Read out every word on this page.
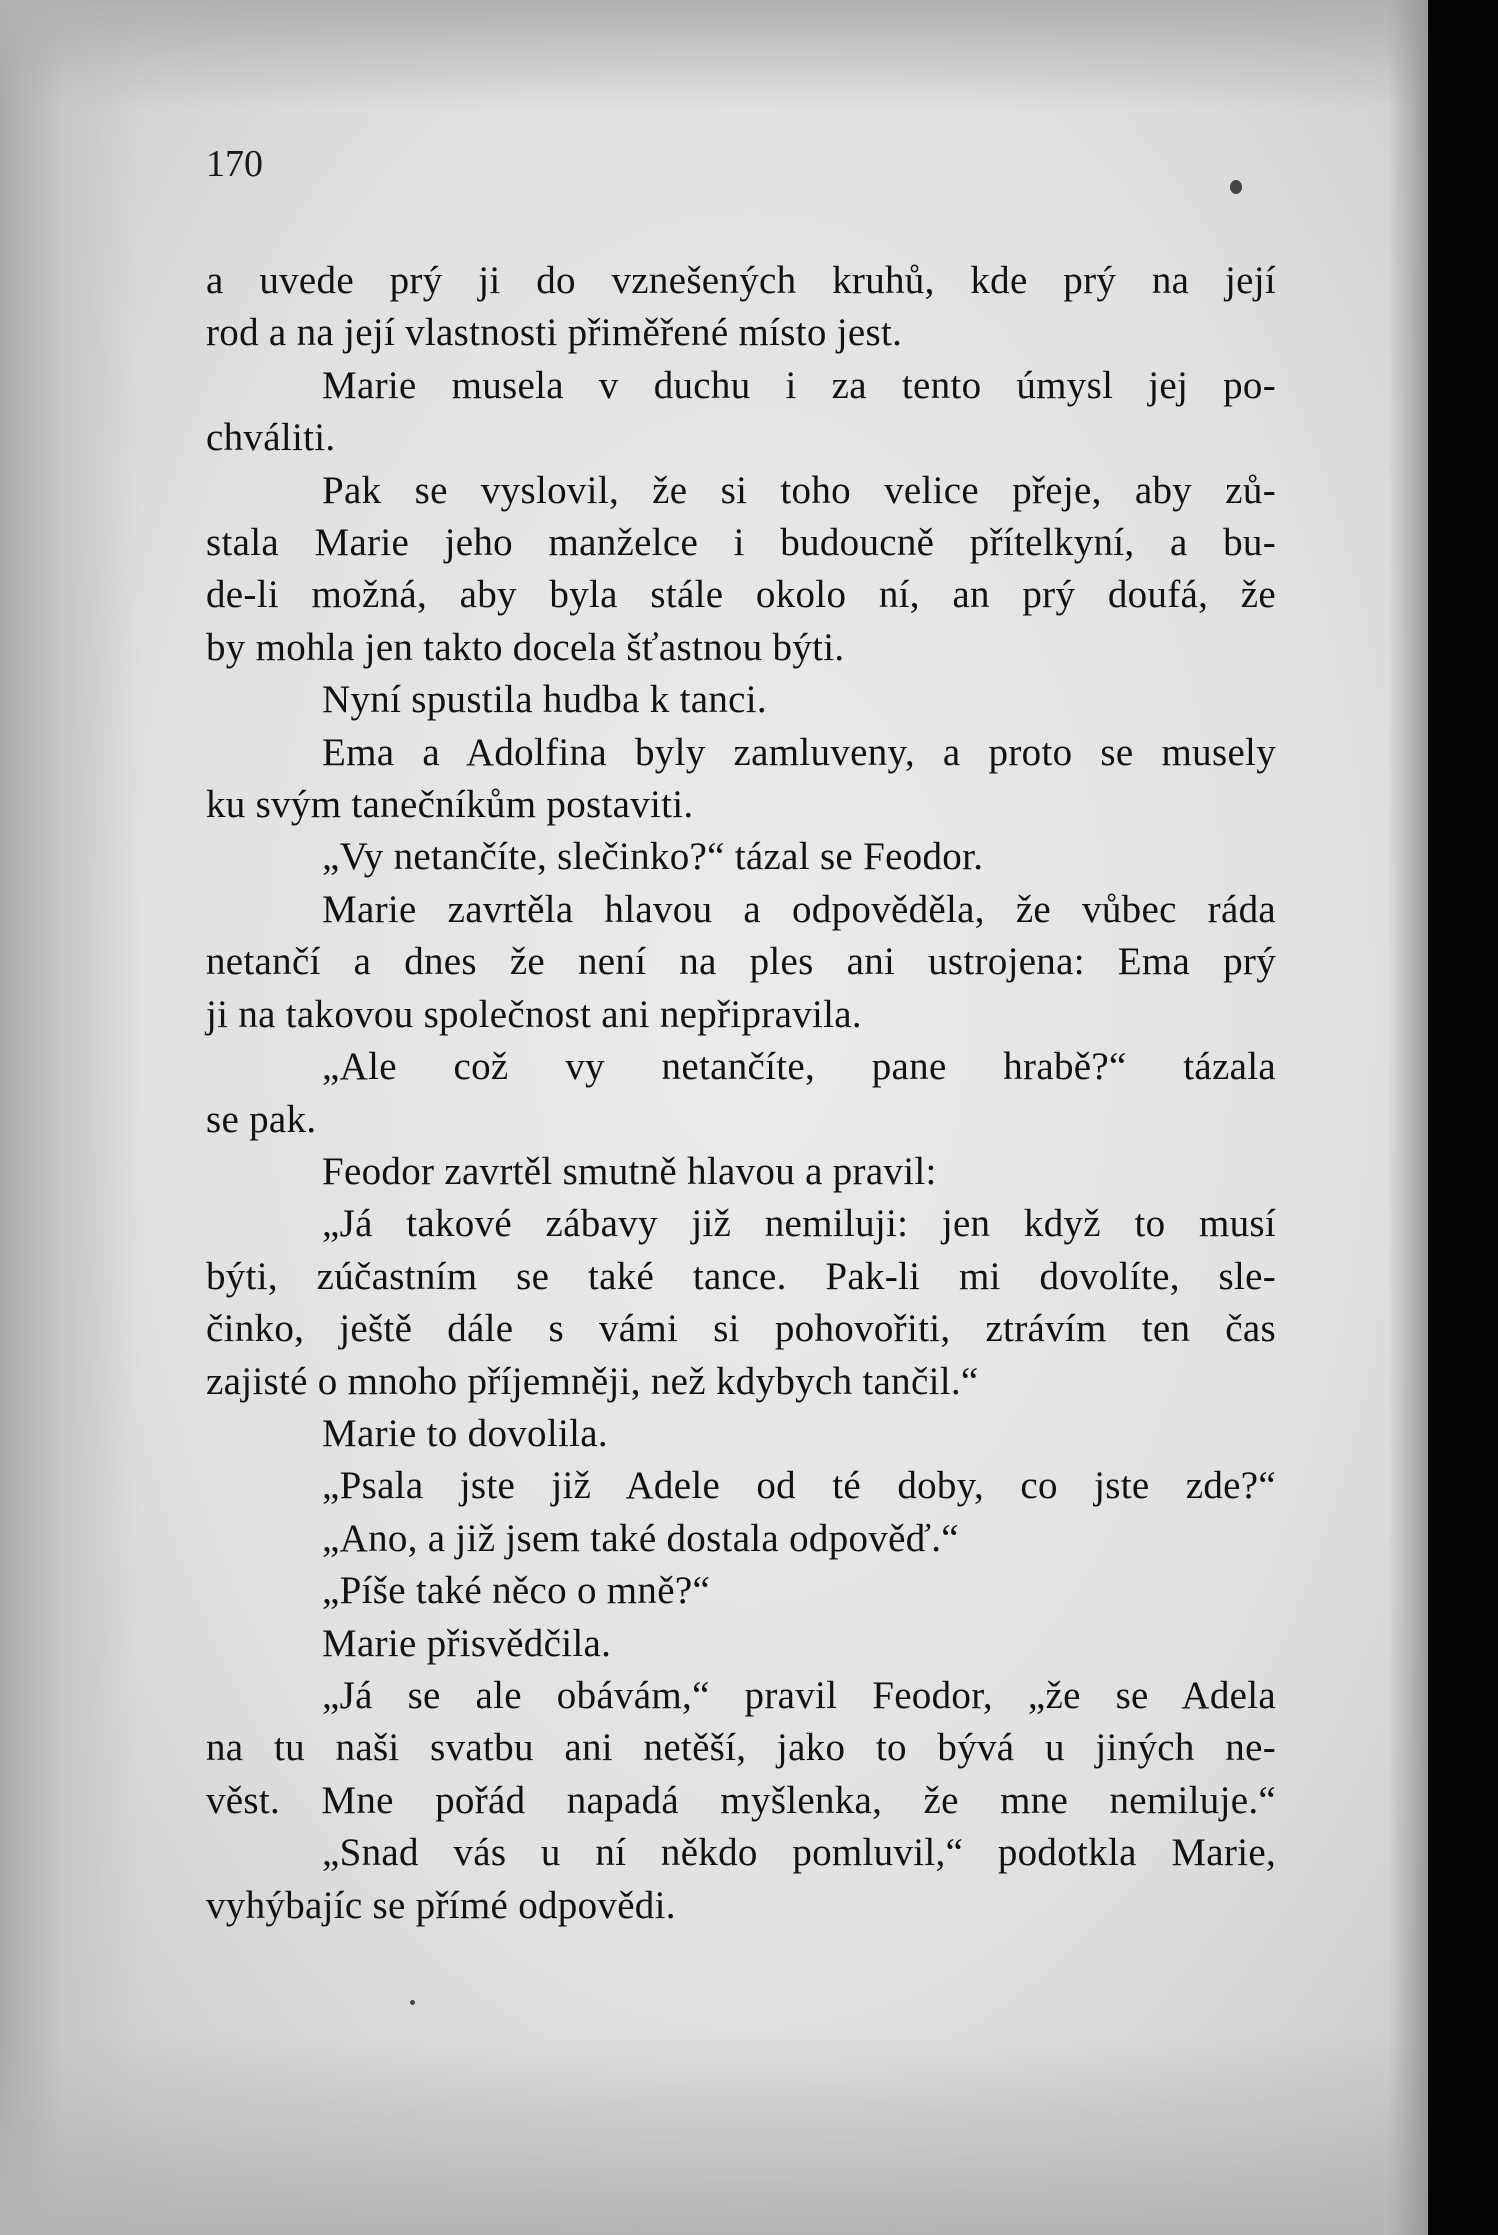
170

a uvede prý ji do vznešených kruhů, kde prý na její

rod a na její vlastnosti přiměřené místo jest.

Marie musela v duchu i za tento úmysl jej po-

chváliti.

Pak se vyslovil, že si toho velice přeje, aby zů-

stala Marie jeho manželce i budoucně přítelkyní, a bu-

de-li možná, aby byla stále okolo ní, an prý doufá, že

by mohla jen takto docela šťastnou býti.

Nyní spustila hudba k tanci.

Ema a Adolfina byly zamluveny, a proto se musely

ku svým tanečníkům postaviti.

„Vy netančíte, slečinko?“ tázal se Feodor.

Marie zavrtěla hlavou a odpověděla, že vůbec ráda

netančí a dnes že není na ples ani ustrojena: Ema prý

ji na takovou společnost ani nepřipravila.

„Ale což vy netančíte, pane hrabě?“ tázala

se pak.

Feodor zavrtěl smutně hlavou a pravil:

„Já takové zábavy již nemiluji: jen když to musí

býti, zúčastním se také tance. Pak-li mi dovolíte, sle-

činko, ještě dále s vámi si pohovořiti, ztrávím ten čas

zajisté o mnoho příjemněji, než kdybych tančil.“

Marie to dovolila.

„Psala jste již Adele od té doby, co jste zde?“

„Ano, a již jsem také dostala odpověď.“

„Píše také něco o mně?“

Marie přisvědčila.

„Já se ale obávám,“ pravil Feodor, „že se Adela

na tu naši svatbu ani netěší, jako to bývá u jiných ne-

věst. Mne pořád napadá myšlenka, že mne nemiluje.“

„Snad vás u ní někdo pomluvil,“ podotkla Marie,

vyhýbajíc se přímé odpovědi.
